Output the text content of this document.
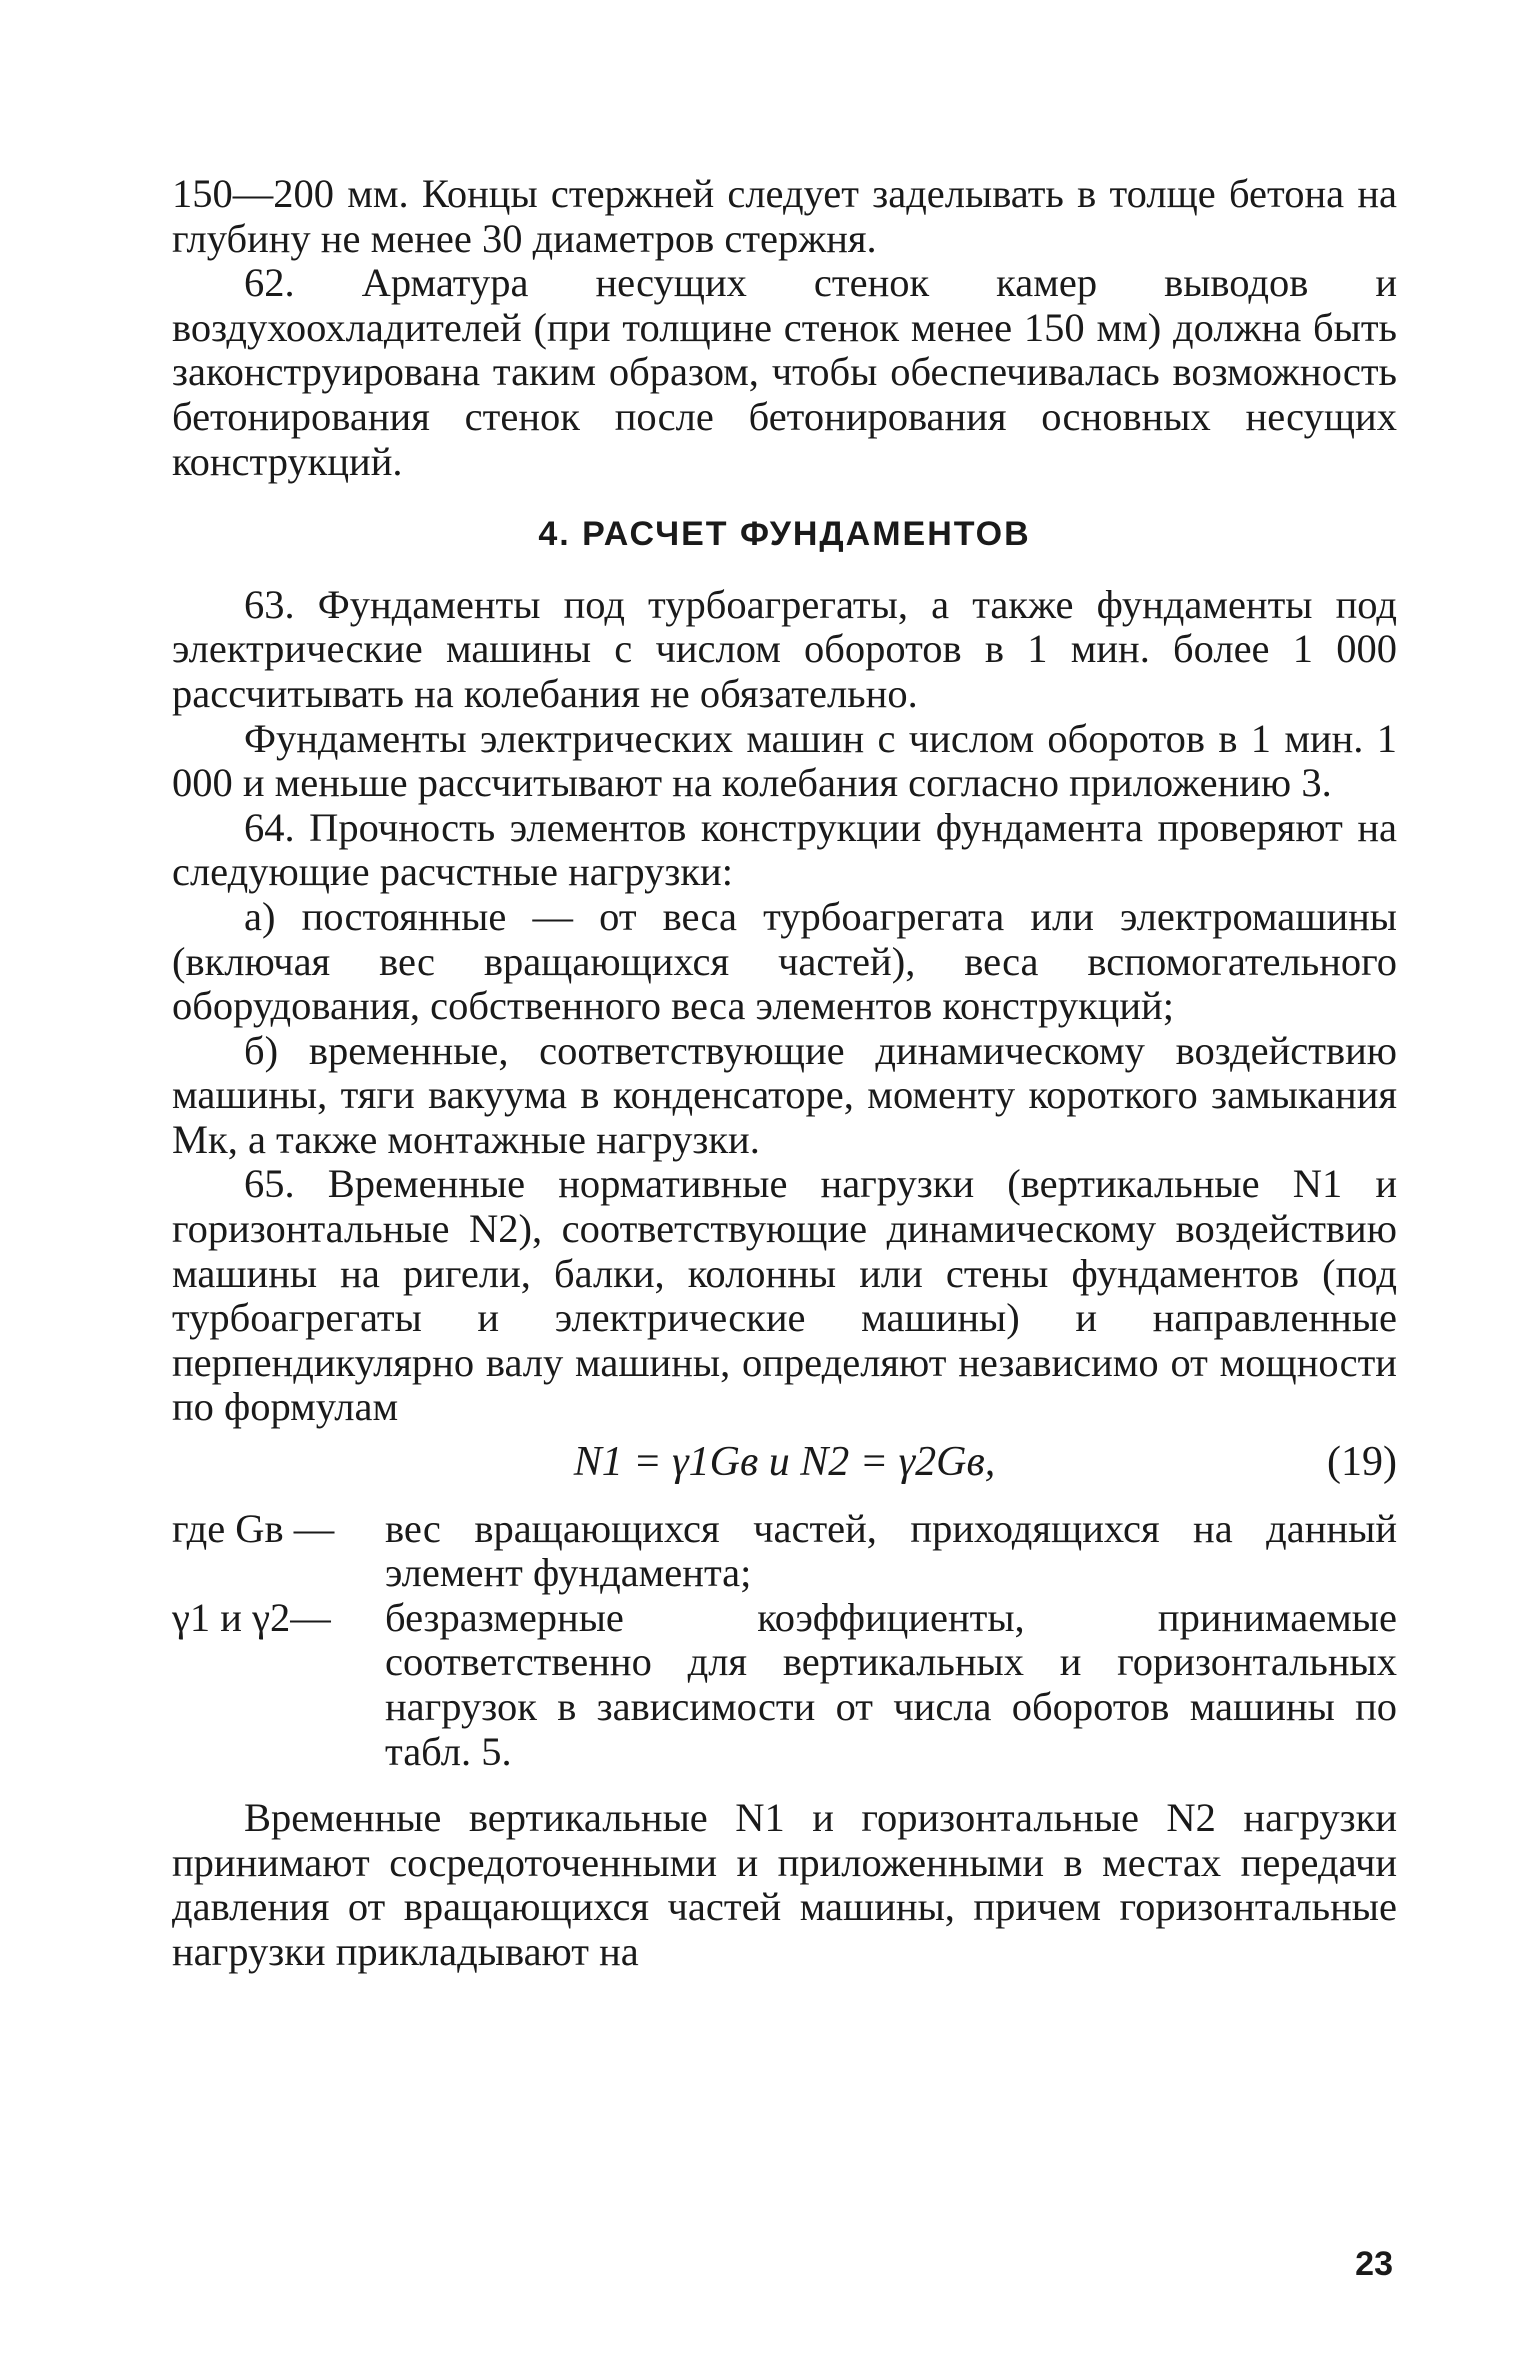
150—200 мм. Концы стержней следует заделывать в толще бетона на глубину не менее 30 диаметров стержня.

62. Арматура несущих стенок камер выводов и воздухоохладителей (при толщине стенок менее 150 мм) должна быть законструирована таким образом, чтобы обеспечивалась возможность бетонирования стенок после бетонирования основных несущих конструкций.

4. РАСЧЕТ ФУНДАМЕНТОВ

63. Фундаменты под турбоагрегаты, а также фундаменты под электрические машины с числом оборотов в 1 мин. более 1 000 рассчитывать на колебания не обязательно.

Фундаменты электрических машин с числом оборотов в 1 мин. 1 000 и меньше рассчитывают на колебания согласно приложению 3.

64. Прочность элементов конструкции фундамента проверяют на следующие расчстные нагрузки:

а) постоянные — от веса турбоагрегата или электромашины (включая вес вращающихся частей), веса вспомогательного оборудования, собственного веса элементов конструкций;

б) временные, соответствующие динамическому воздействию машины, тяги вакуума в конденсаторе, моменту короткого замыкания Mк, а также монтажные нагрузки.

65. Временные нормативные нагрузки (вертикальные N1 и горизонтальные N2), соответствующие динамическому воздействию машины на ригели, балки, колонны или стены фундаментов (под турбоагрегаты и электрические машины) и направленные перпендикулярно валу машины, определяют независимо от мощности по формулам

N1 = γ1Gв и N2 = γ2Gв,	(19)
где Gв —	вес вращающихся частей, приходящихся на данный элемент фундамента;
γ1 и γ2—	безразмерные коэффициенты, принимаемые соответственно для вертикальных и горизонтальных нагрузок в зависимости от числа оборотов машины по табл. 5.

Временные вертикальные N1 и горизонтальные N2 нагрузки принимают сосредоточенными и приложенными в местах передачи давления от вращающихся частей машины, причем горизонтальные нагрузки прикладывают на

23
